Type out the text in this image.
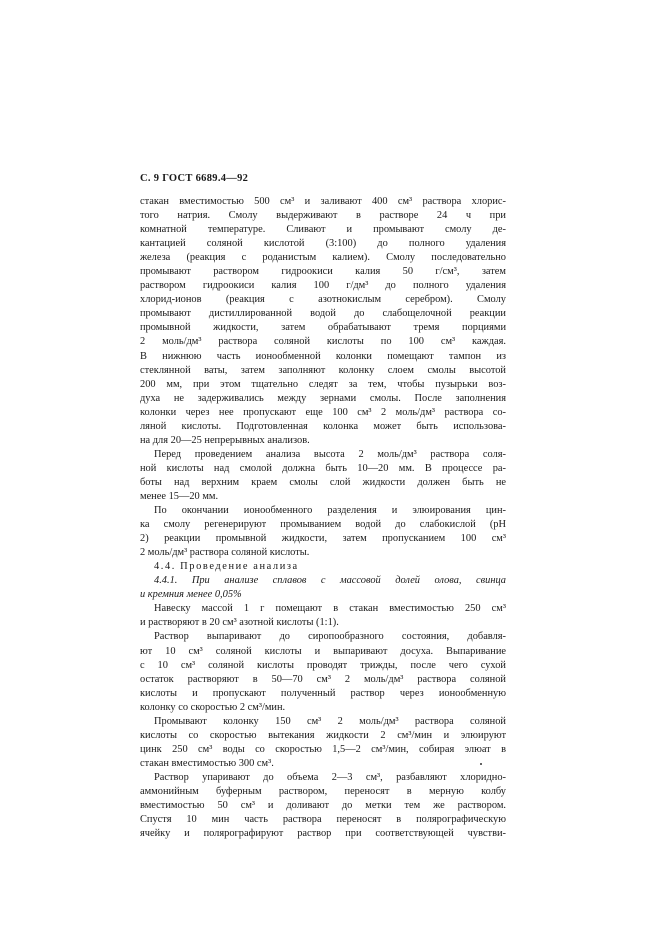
С. 9 ГОСТ 6689.4—92
стакан вместимостью 500 см³ и заливают 400 см³ раствора хлорис-
того натрия. Смолу выдерживают в растворе 24 ч при
комнатной температуре. Сливают и промывают смолу де-
кантацией соляной кислотой (3:100) до полного удаления
железа (реакция с роданистым калием). Смолу последовательно
промывают раствором гидроокиси калия 50 г/см³, затем
раствором гидроокиси калия 100 г/дм³ до полного удаления
хлорид-ионов (реакция с азотнокислым серебром). Смолу
промывают дистиллированной водой до слабощелочной реакции
промывной жидкости, затем обрабатывают тремя порциями
2 моль/дм³ раствора соляной кислоты по 100 см³ каждая.
В нижнюю часть ионообменной колонки помещают тампон из
стеклянной ваты, затем заполняют колонку слоем смолы высотой
200 мм, при этом тщательно следят за тем, чтобы пузырьки воз-
духа не задерживались между зернами смолы. После заполнения
колонки через нее пропускают еще 100 см³ 2 моль/дм³ раствора со-
ляной кислоты. Подготовленная колонка может быть использова-
на для 20—25 непрерывных анализов.
Перед проведением анализа высота 2 моль/дм³ раствора соля-
ной кислоты над смолой должна быть 10—20 мм. В процессе ра-
боты над верхним краем смолы слой жидкости должен быть не
менее 15—20 мм.
По окончании ионообменного разделения и элюирования цин-
ка смолу регенерируют промыванием водой до слабокислой (рН
2) реакции промывной жидкости, затем пропусканием 100 см³
2 моль/дм³ раствора соляной кислоты.
4.4. Проведение анализа
4.4.1. При анализе сплавов с массовой долей олова, свинца
и кремния менее 0,05%
Навеску массой 1 г помещают в стакан вместимостью 250 см³
и растворяют в 20 см³ азотной кислоты (1:1).
Раствор выпаривают до сиропообразного состояния, добавля-
ют 10 см³ соляной кислоты и выпаривают досуха. Выпаривание
с 10 см³ соляной кислоты проводят трижды, после чего сухой
остаток растворяют в 50—70 см³ 2 моль/дм³ раствора соляной
кислоты и пропускают полученный раствор через ионообменную
колонку со скоростью 2 см³/мин.
Промывают колонку 150 см³ 2 моль/дм³ раствора соляной
кислоты со скоростью вытекания жидкости 2 см³/мин и элюируют
цинк 250 см³ воды со скоростью 1,5—2 см³/мин, собирая элюат в
стакан вместимостью 300 см³.
Раствор упаривают до объема 2—3 см³, разбавляют хлоридно-
аммонийным буферным раствором, переносят в мерную колбу
вместимостью 50 см³ и доливают до метки тем же раствором.
Спустя 10 мин часть раствора переносят в полярографическую
ячейку и полярографируют раствор при соответствующей чувстви-
